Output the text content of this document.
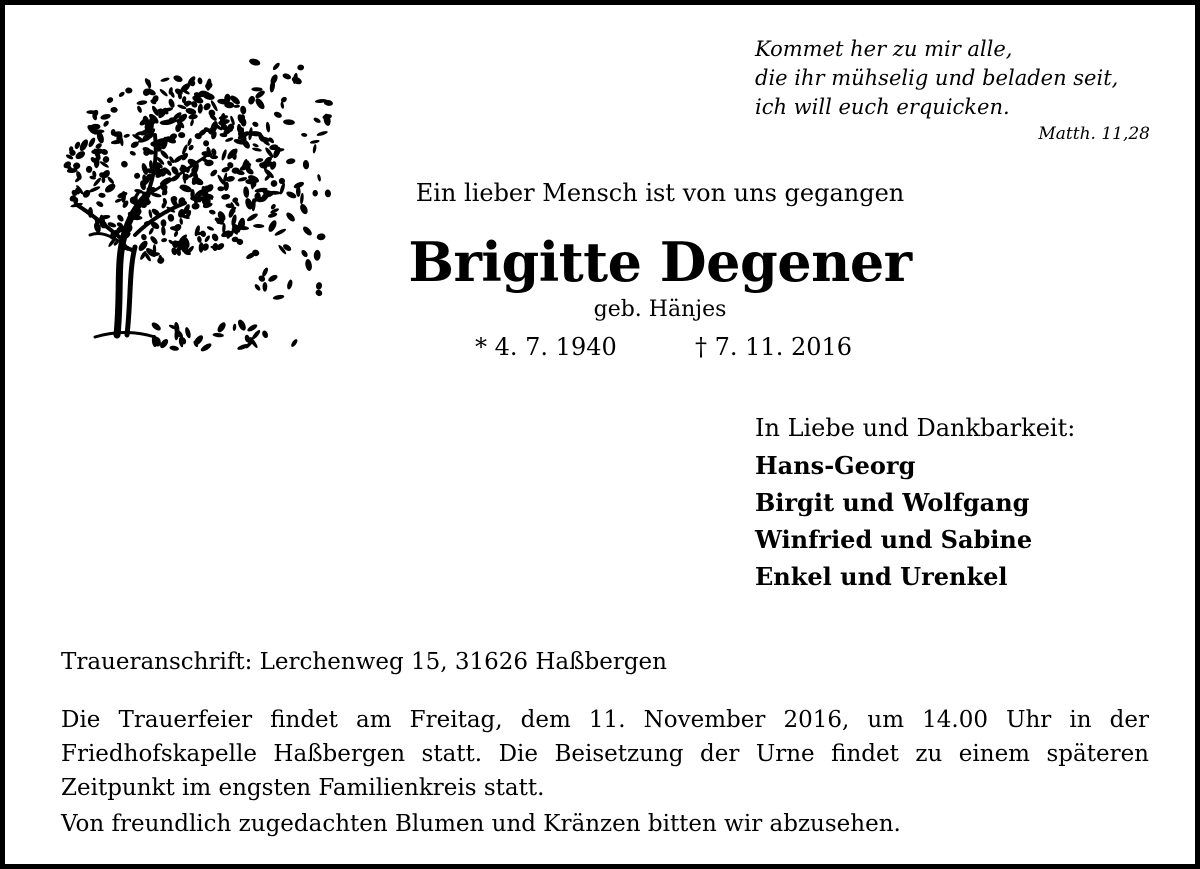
Kommet her zu mir alle,
die ihr mühselig und beladen seit,
ich will euch erquicken.
Matth. 11,28
Ein lieber Mensch ist von uns gegangen
Brigitte Degener
geb. Hänjes
* 4. 7. 1940	† 7. 11. 2016
In Liebe und Dankbarkeit:
Hans-Georg
Birgit und Wolfgang
Winfried und Sabine
Enkel und Urenkel
Traueranschrift: Lerchenweg 15, 31626 Haßbergen
Die Trauerfeier findet am Freitag, dem 11. November 2016, um 14.00 Uhr in der Friedhofskapelle Haßbergen statt. Die Beisetzung der Urne findet zu einem späteren Zeitpunkt im engsten Familienkreis statt.
Von freundlich zugedachten Blumen und Kränzen bitten wir abzusehen.
